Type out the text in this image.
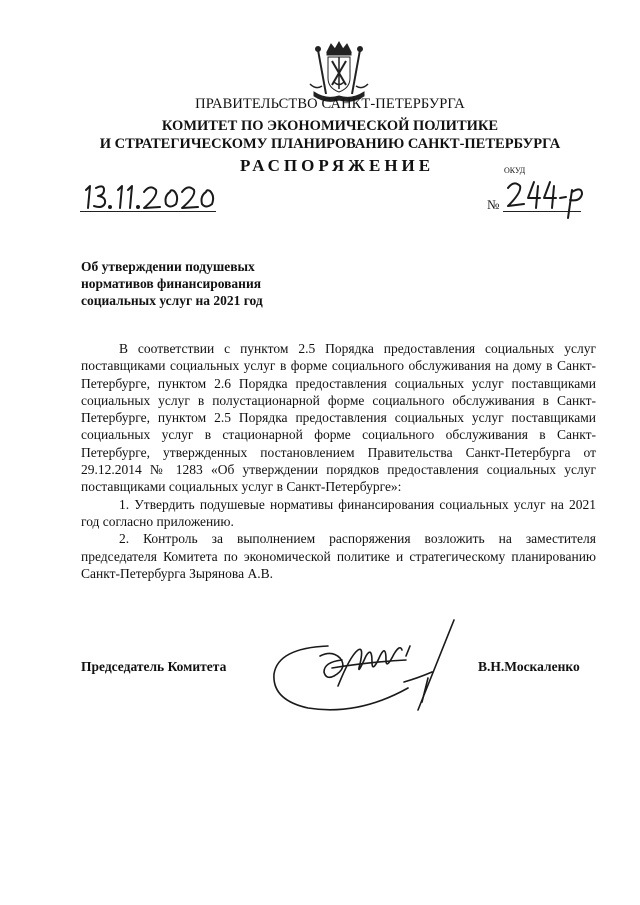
ПРАВИТЕЛЬСТВО САНКТ-ПЕТЕРБУРГА
КОМИТЕТ ПО ЭКОНОМИЧЕСКОЙ ПОЛИТИКЕ
И СТРАТЕГИЧЕСКОМУ ПЛАНИРОВАНИЮ САНКТ-ПЕТЕРБУРГА
РАСПОРЯЖЕНИЕ	ОКУД
№
Об утверждении подушевых
нормативов финансирования
социальных услуг на 2021 год

В соответствии с пунктом 2.5 Порядка предоставления социальных услуг поставщиками социальных услуг в форме социального обслуживания на дому в Санкт-Петербурге, пунктом 2.6 Порядка предоставления социальных услуг поставщиками социальных услуг в полустационарной форме социального обслуживания в Санкт-Петербурге, пунктом 2.5 Порядка предоставления социальных услуг поставщиками социальных услуг в стационарной форме социального обслуживания в Санкт-Петербурге, утвержденных постановлением Правительства Санкт-Петербурга от 29.12.2014 № 1283 «Об утверждении порядков предоставления социальных услуг поставщиками социальных услуг в Санкт-Петербурге»:

1. Утвердить подушевые нормативы финансирования социальных услуг на 2021 год согласно приложению.

2. Контроль за выполнением распоряжения возложить на заместителя председателя Комитета по экономической политике и стратегическому планированию Санкт-Петербурга Зырянова А.В.

Председатель Комитета	В.Н.Москаленко
